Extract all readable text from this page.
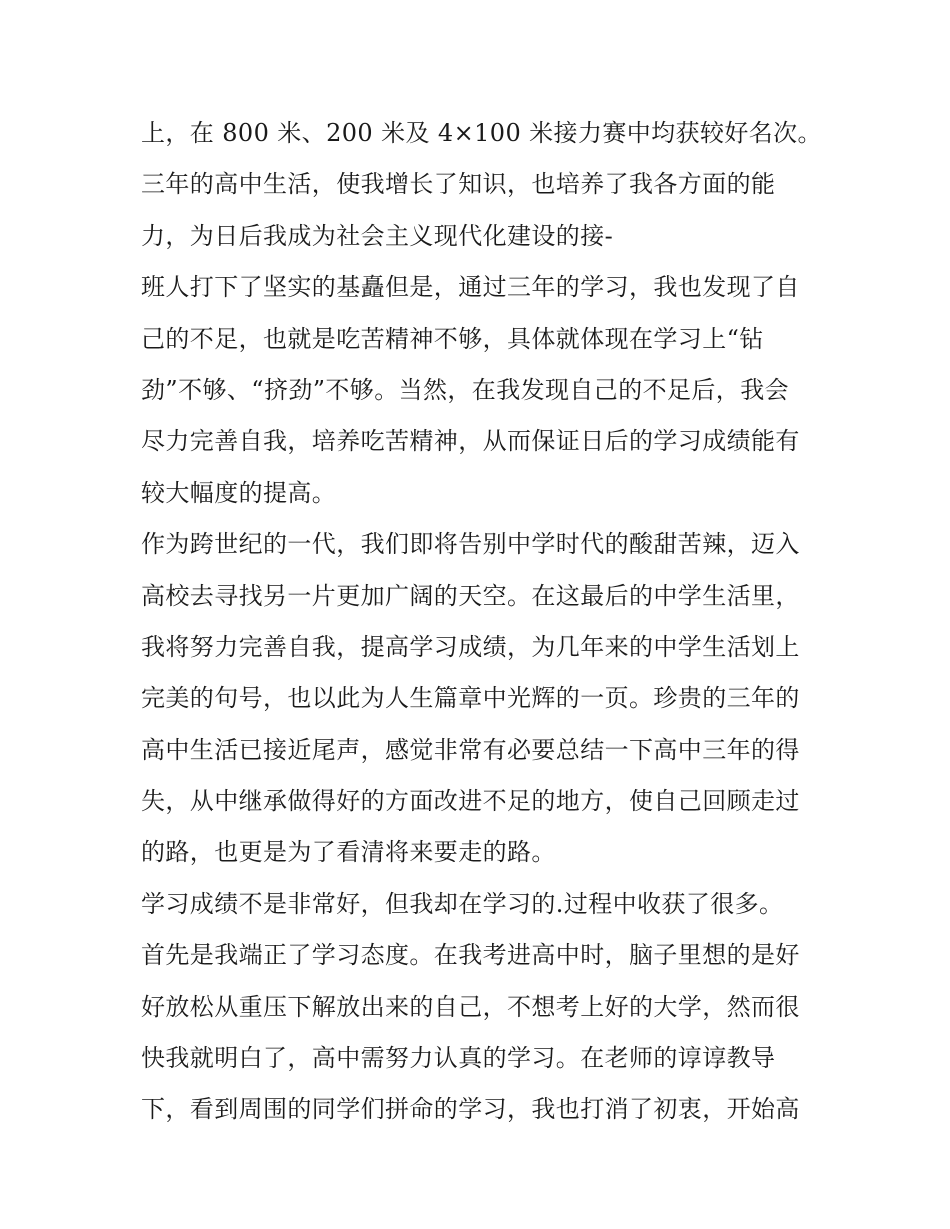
上，在 800 米、200 米及 4×100 米接力赛中均获较好名次。
三年的高中生活，使我增长了知识，也培养了我各方面的能
力，为日后我成为社会主义现代化建设的接-
班人打下了坚实的基矗但是，通过三年的学习，我也发现了自
己的不足，也就是吃苦精神不够，具体就体现在学习上“钻
劲”不够、“挤劲”不够。当然，在我发现自己的不足后，我会
尽力完善自我，培养吃苦精神，从而保证日后的学习成绩能有
较大幅度的提高。
作为跨世纪的一代，我们即将告别中学时代的酸甜苦辣，迈入
高校去寻找另一片更加广阔的天空。在这最后的中学生活里，
我将努力完善自我，提高学习成绩，为几年来的中学生活划上
完美的句号，也以此为人生篇章中光辉的一页。珍贵的三年的
高中生活已接近尾声，感觉非常有必要总结一下高中三年的得
失，从中继承做得好的方面改进不足的地方，使自己回顾走过
的路，也更是为了看清将来要走的路。
学习成绩不是非常好，但我却在学习的.过程中收获了很多。
首先是我端正了学习态度。在我考进高中时，脑子里想的是好
好放松从重压下解放出来的自己，不想考上好的大学，然而很
快我就明白了，高中需努力认真的学习。在老师的谆谆教导
下，看到周围的同学们拼命的学习，我也打消了初衷，开始高
